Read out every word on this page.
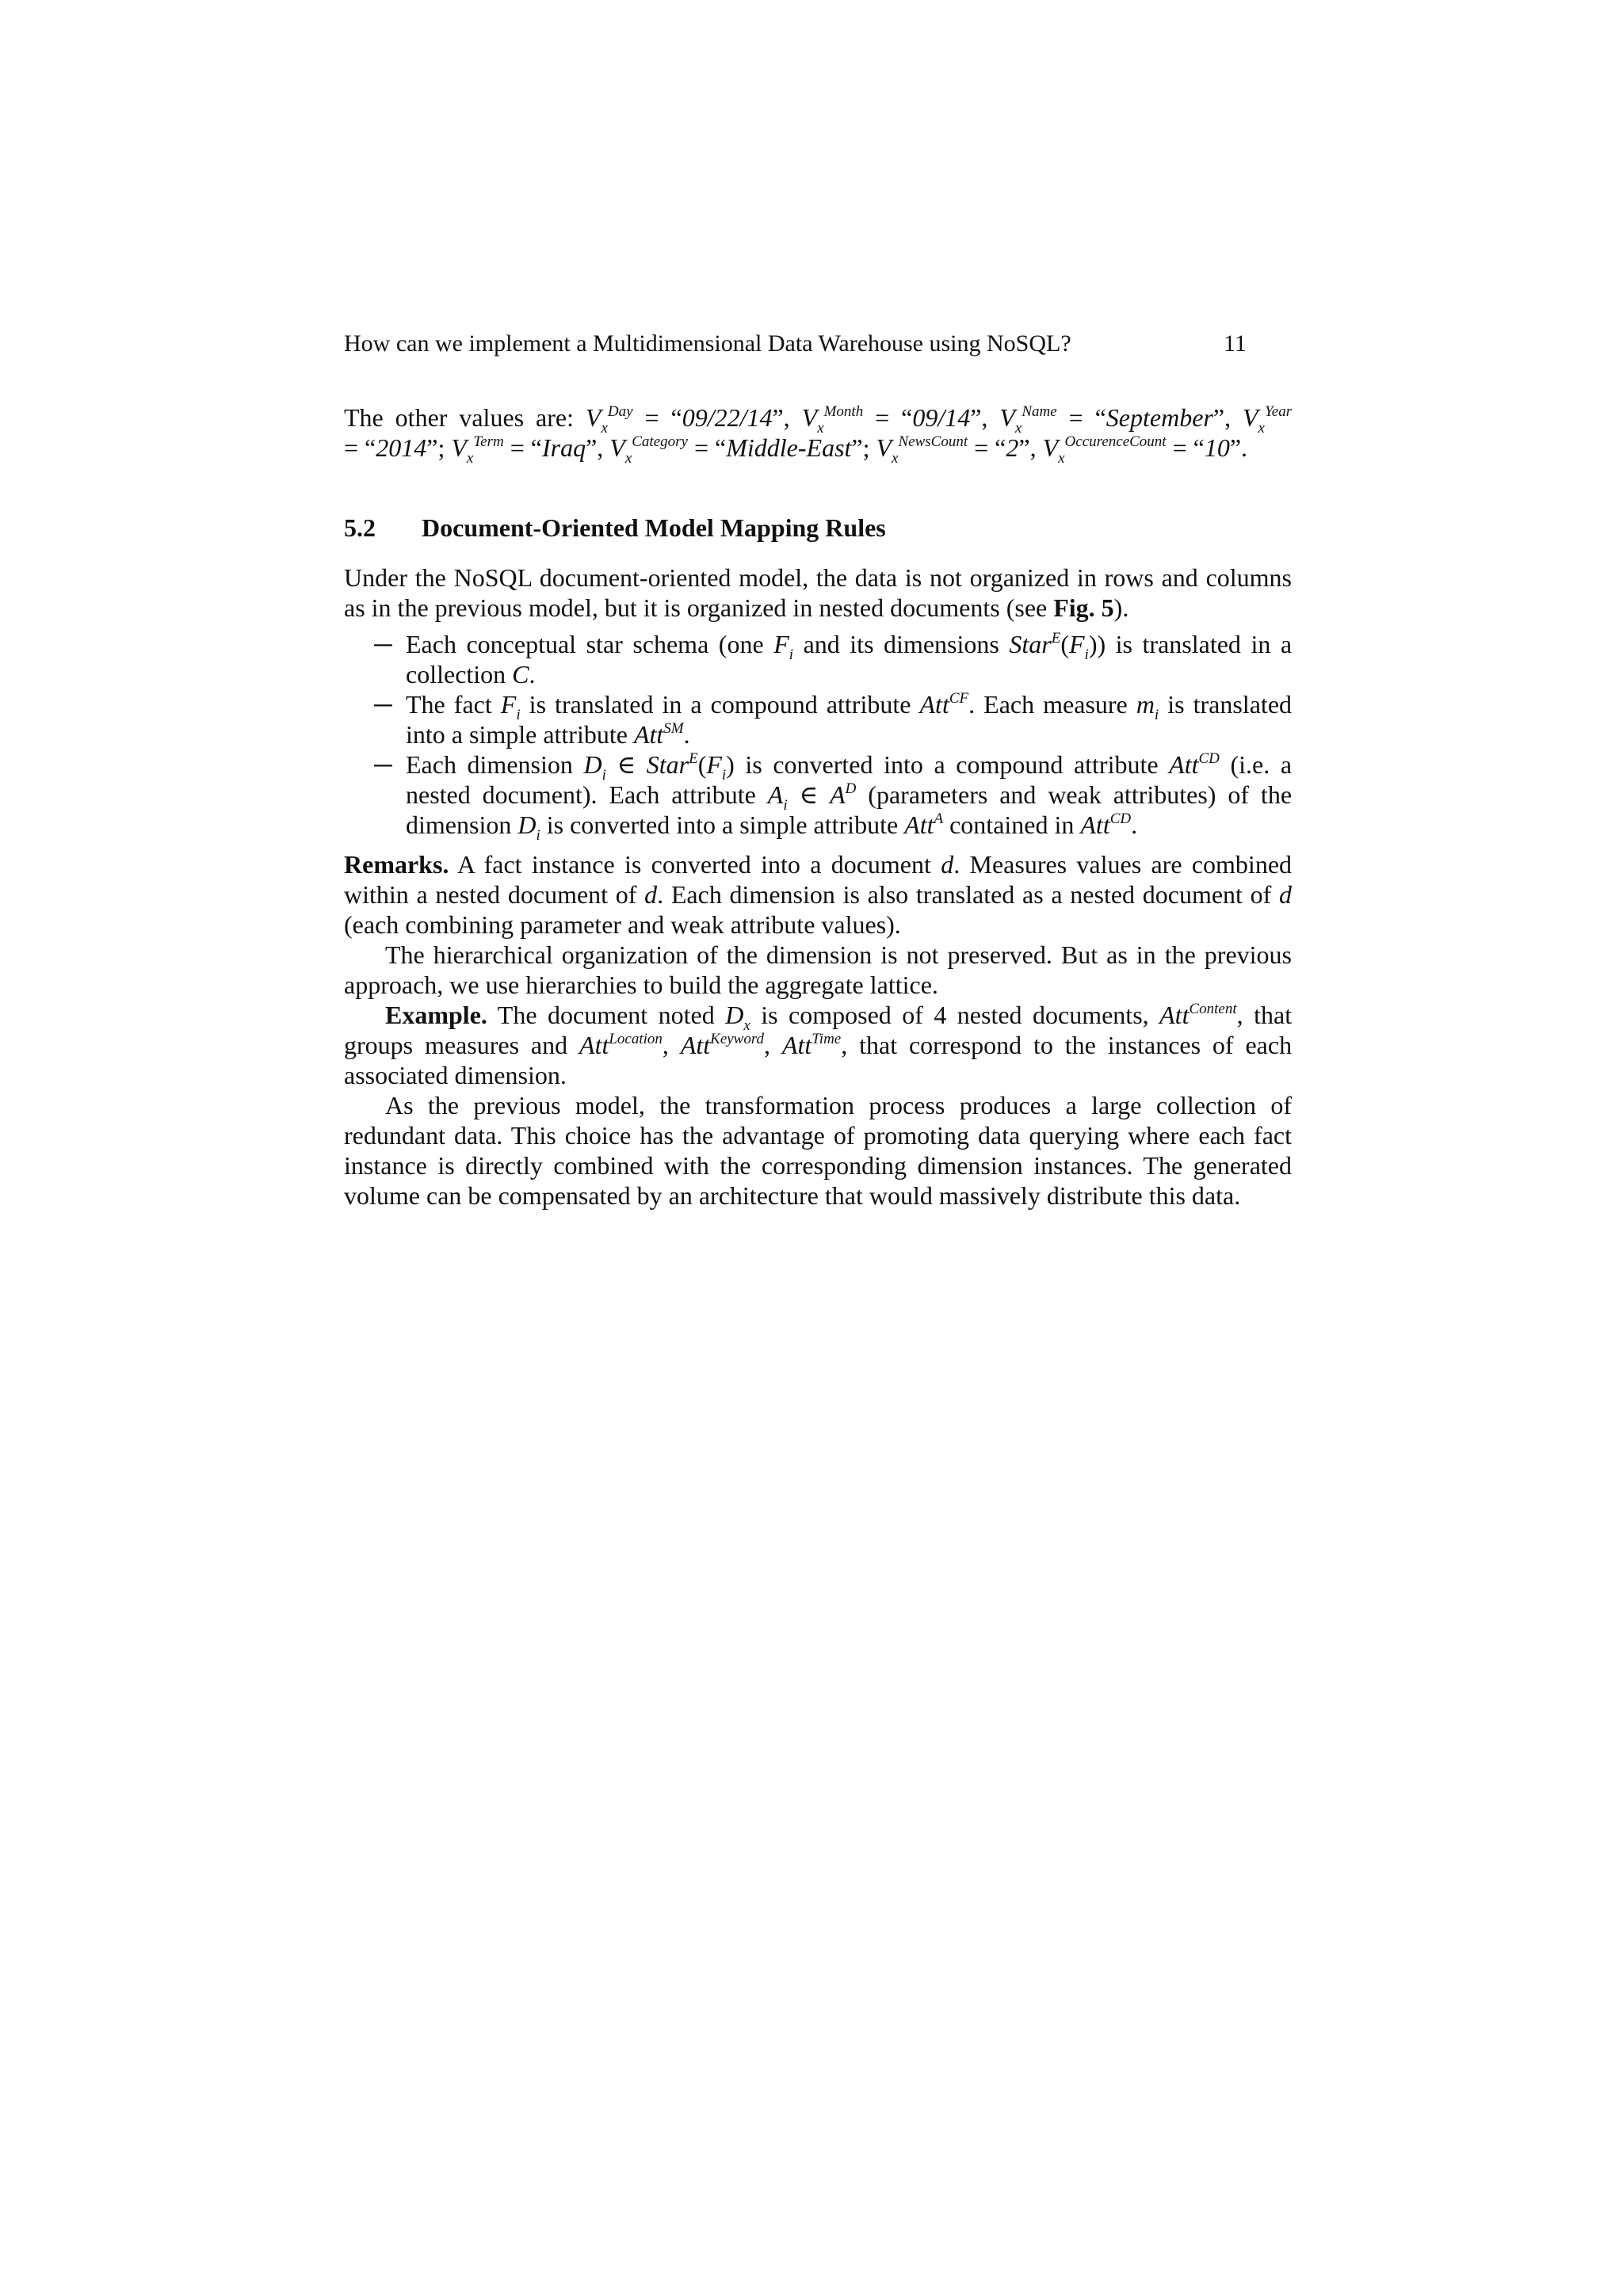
How can we implement a Multidimensional Data Warehouse using NoSQL?	11

The other values are: $V_x^{Day}$ = “09/22/14”, $V_x^{Month}$ = “09/14”, $V_x^{Name}$ = “September”, $V_x^{Year}$ = “2014”; $V_x^{Term}$ = “Iraq”, $V_x^{Category}$ = “Middle-East”; $V_x^{NewsCount}$ = “2”, $V_x^{OccurenceCount}$ = “10”.

5.2 Document-Oriented Model Mapping Rules

Under the NoSQL document-oriented model, the data is not organized in rows and columns as in the previous model, but it is organized in nested documents (see Fig. 5).

─ Each conceptual star schema (one $F_i$ and its dimensions $Star^E(F_i)$) is translated in a collection C.
─ The fact $F_i$ is translated in a compound attribute Att$^{CF}$. Each measure $m_i$ is translated into a simple attribute Att℠.
─ Each dimension $D_i$ ∈ $Star^E(F_i)$ is converted into a compound attribute Att$^{CD}$ (i.e. a nested document). Each attribute $A_i$ ∈ $A^D$ (parameters and weak attributes) of the dimension $D_i$ is converted into a simple attribute Att$^A$ contained in Att$^{CD}$.

Remarks. A fact instance is converted into a document d. Measures values are combined within a nested document of d. Each dimension is also translated as a nested document of d (each combining parameter and weak attribute values).

The hierarchical organization of the dimension is not preserved. But as in the previous approach, we use hierarchies to build the aggregate lattice.

Example. The document noted $D_x$ is composed of 4 nested documents, Att$^{Content}$, that groups measures and Att$^{Location}$, Att$^{Keyword}$, Att$^{Time}$, that correspond to the instances of each associated dimension.

As the previous model, the transformation process produces a large collection of redundant data. This choice has the advantage of promoting data querying where each fact instance is directly combined with the corresponding dimension instances. The generated volume can be compensated by an architecture that would massively distribute this data.
